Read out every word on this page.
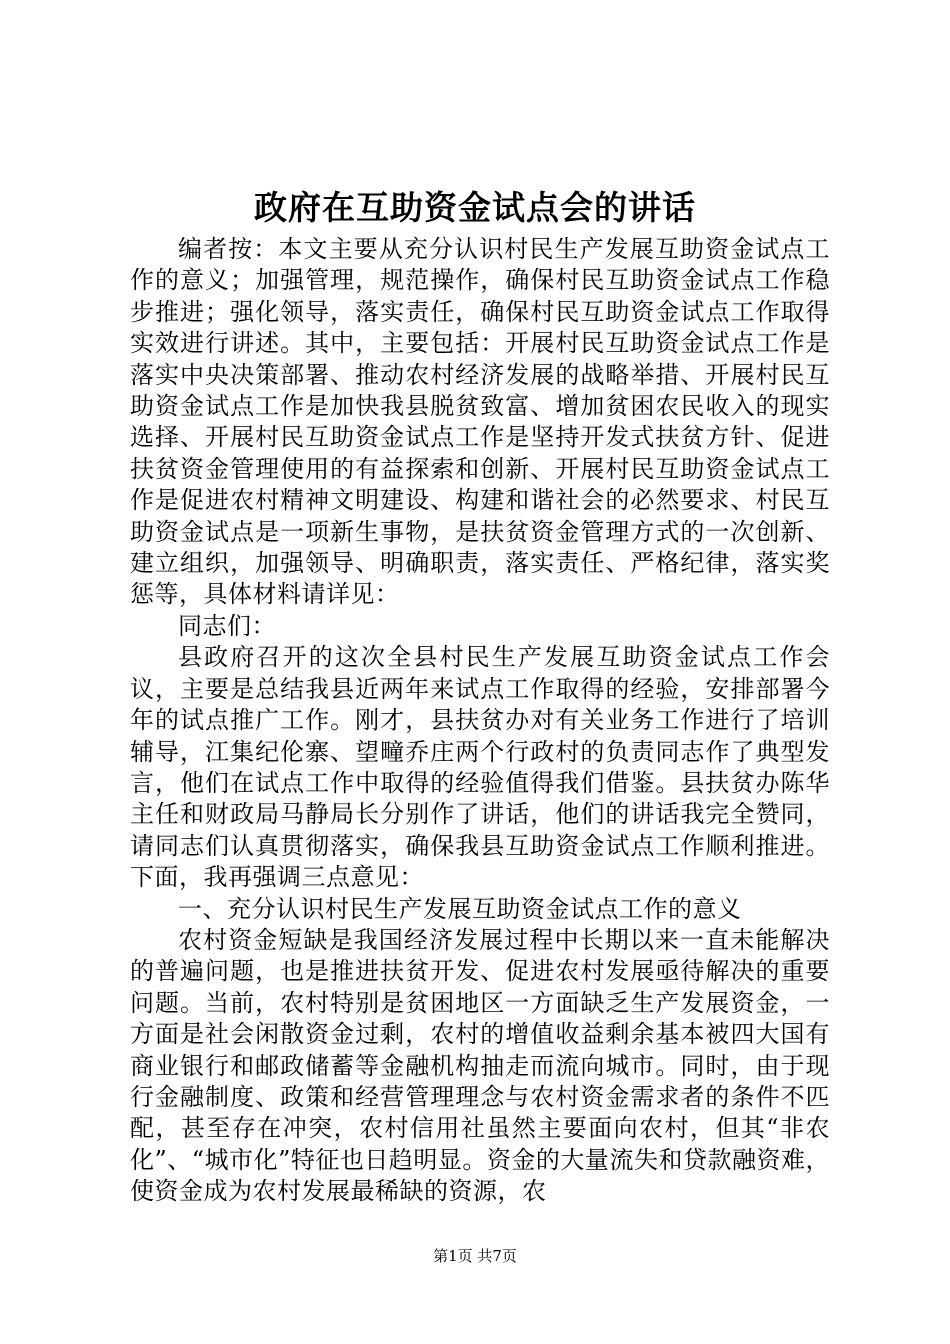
政府在互助资金试点会的讲话

编者按：本文主要从充分认识村民生产发展互助资金试点工作的意义；加强管理，规范操作，确保村民互助资金试点工作稳步推进；强化领导，落实责任，确保村民互助资金试点工作取得实效进行讲述。其中，主要包括：开展村民互助资金试点工作是落实中央决策部署、推动农村经济发展的战略举措、开展村民互助资金试点工作是加快我县脱贫致富、增加贫困农民收入的现实选择、开展村民互助资金试点工作是坚持开发式扶贫方针、促进扶贫资金管理使用的有益探索和创新、开展村民互助资金试点工作是促进农村精神文明建设、构建和谐社会的必然要求、村民互助资金试点是一项新生事物，是扶贫资金管理方式的一次创新、建立组织，加强领导、明确职责，落实责任、严格纪律，落实奖惩等，具体材料请详见：

同志们：

县政府召开的这次全县村民生产发展互助资金试点工作会议，主要是总结我县近两年来试点工作取得的经验，安排部署今年的试点推广工作。刚才，县扶贫办对有关业务工作进行了培训辅导，江集纪伦寨、望疃乔庄两个行政村的负责同志作了典型发言，他们在试点工作中取得的经验值得我们借鉴。县扶贫办陈华主任和财政局马静局长分别作了讲话，他们的讲话我完全赞同，请同志们认真贯彻落实，确保我县互助资金试点工作顺利推进。下面，我再强调三点意见：

一、充分认识村民生产发展互助资金试点工作的意义

农村资金短缺是我国经济发展过程中长期以来一直未能解决的普遍问题，也是推进扶贫开发、促进农村发展亟待解决的重要问题。当前，农村特别是贫困地区一方面缺乏生产发展资金，一方面是社会闲散资金过剩，农村的增值收益剩余基本被四大国有商业银行和邮政储蓄等金融机构抽走而流向城市。同时，由于现行金融制度、政策和经营管理理念与农村资金需求者的条件不匹配，甚至存在冲突，农村信用社虽然主要面向农村，但其“非农化”、“城市化”特征也日趋明显。资金的大量流失和贷款融资难，使资金成为农村发展最稀缺的资源，农

第1页 共7页
